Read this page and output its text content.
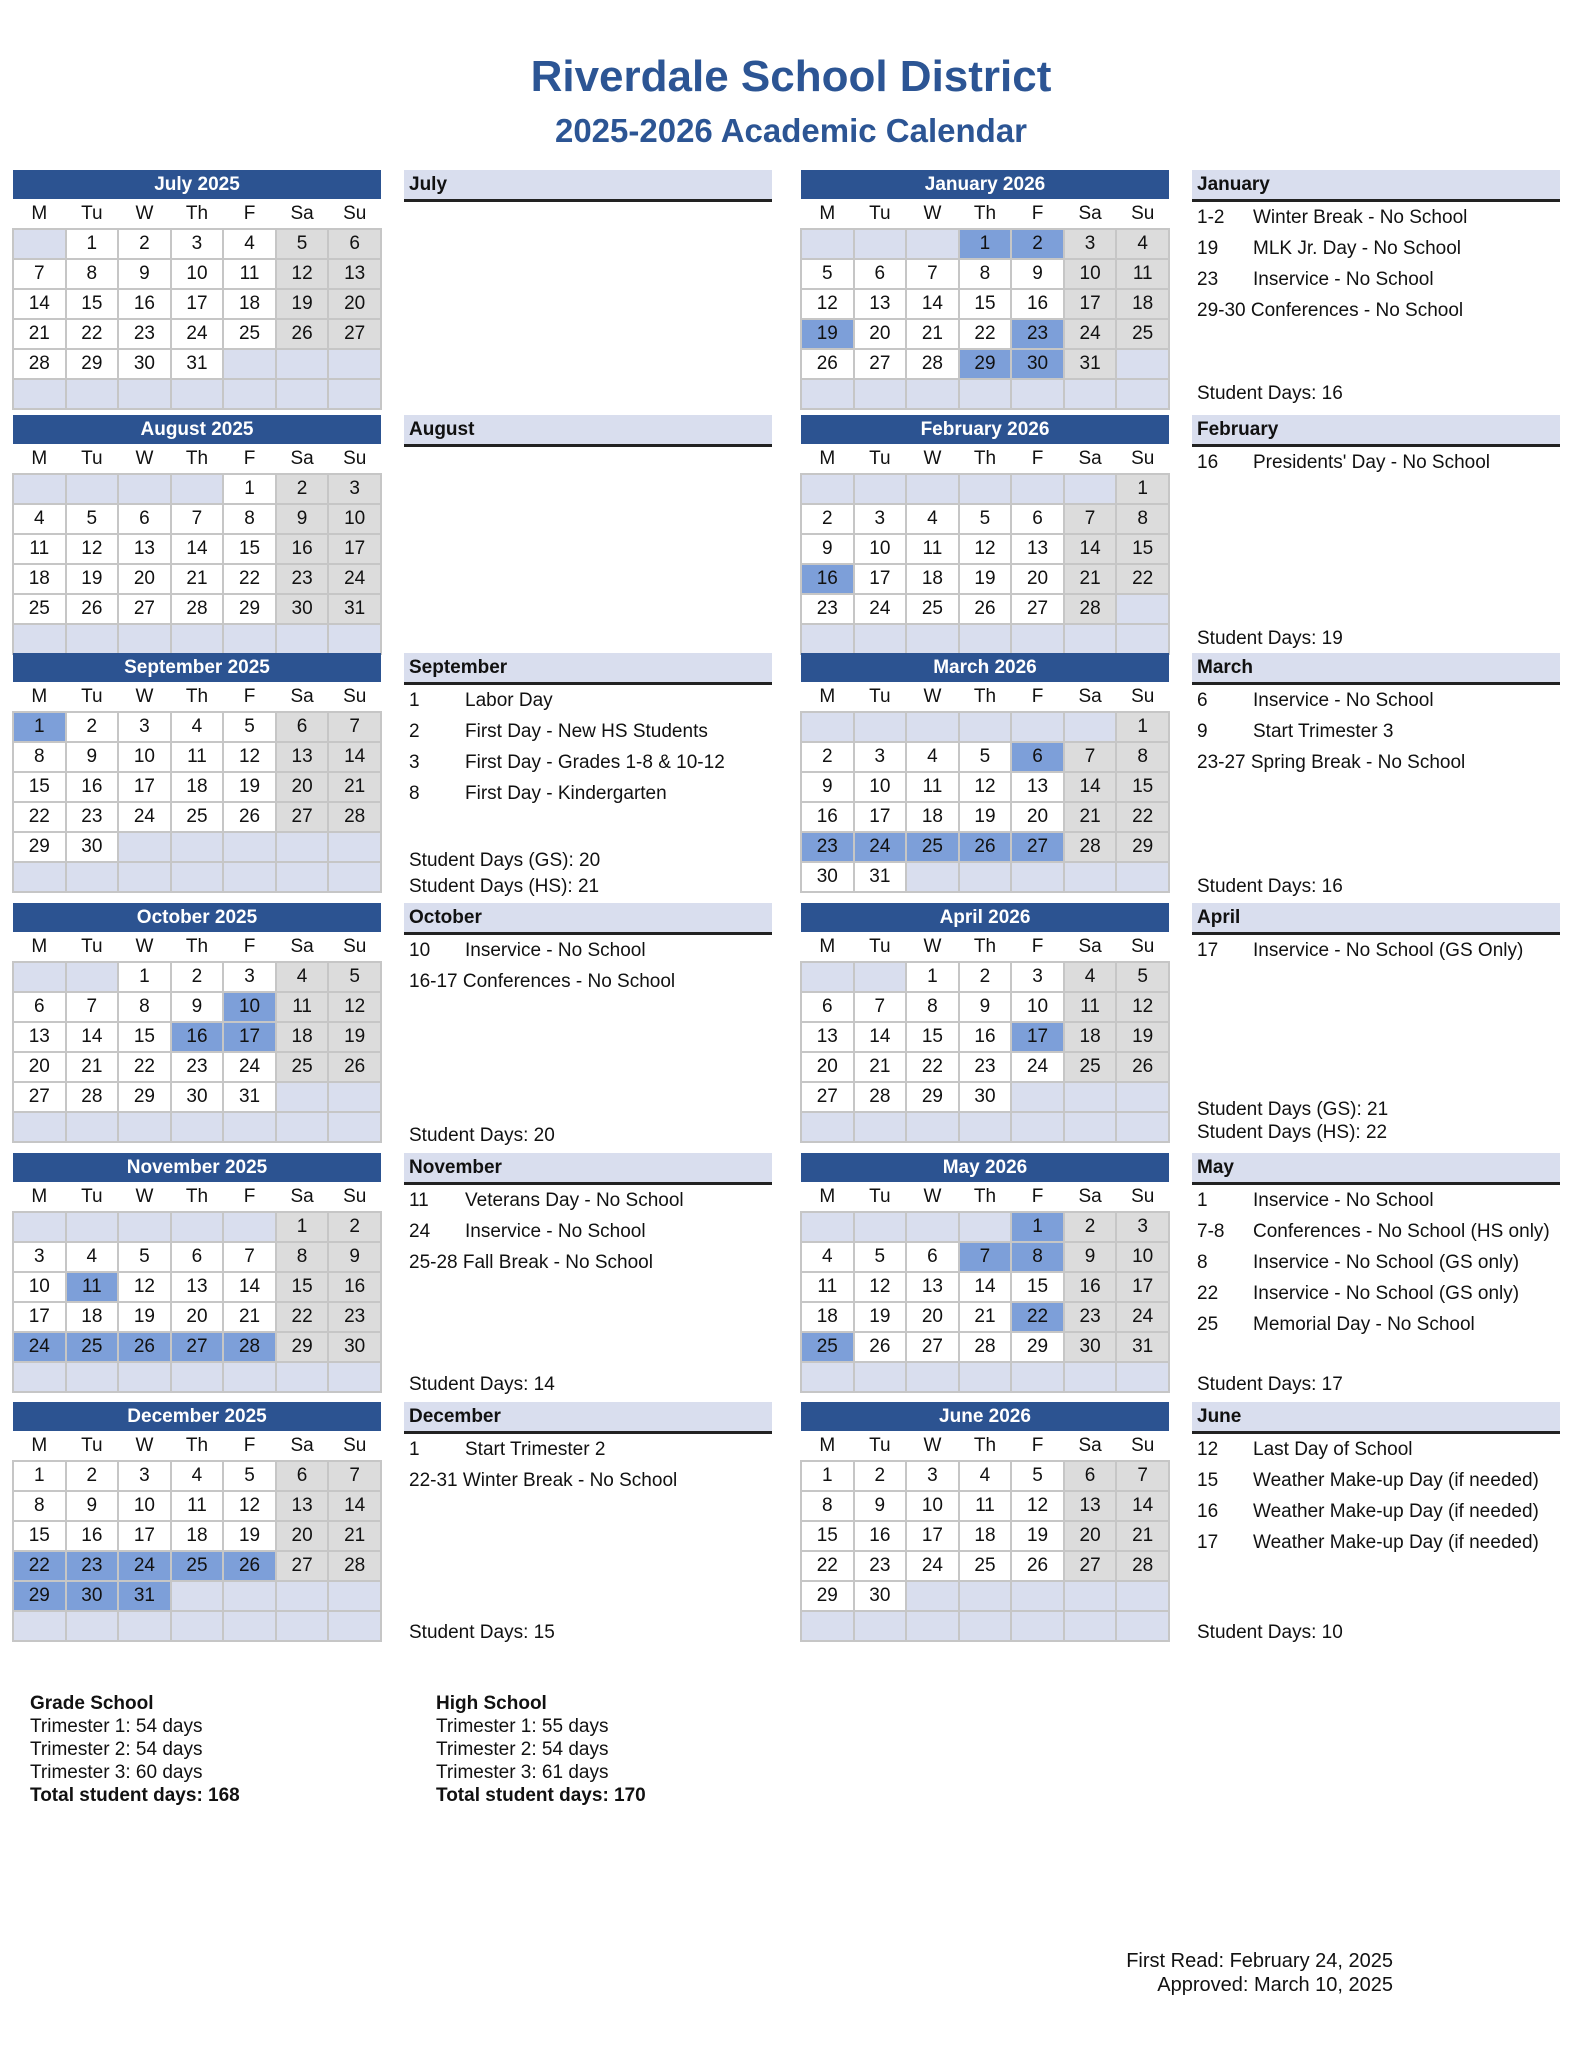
Riverdale School District
2025-2026 Academic Calendar
July 2025						
M	Tu	W	Th	F	Sa	Su
	1	2	3	4	5	6
7	8	9	10	11	12	13
14	15	16	17	18	19	20
21	22	23	24	25	26	27
28	29	30	31			

July
August 2025						
M	Tu	W	Th	F	Sa	Su
				1	2	3
4	5	6	7	8	9	10
11	12	13	14	15	16	17
18	19	20	21	22	23	24
25	26	27	28	29	30	31

August
September 2025						
M	Tu	W	Th	F	Sa	Su
1	2	3	4	5	6	7
8	9	10	11	12	13	14
15	16	17	18	19	20	21
22	23	24	25	26	27	28
29	30					

September
1 Labor Day
2 First Day - New HS Students
3 First Day - Grades 1-8 & 10-12
8 First Day - Kindergarten
Student Days (GS): 20
Student Days (HS): 21
October 2025						
M	Tu	W	Th	F	Sa	Su
		1	2	3	4	5
6	7	8	9	10	11	12
13	14	15	16	17	18	19
20	21	22	23	24	25	26
27	28	29	30	31		

October
10 Inservice - No School
16-17 Conferences - No School
Student Days: 20
November 2025						
M	Tu	W	Th	F	Sa	Su
					1	2
3	4	5	6	7	8	9
10	11	12	13	14	15	16
17	18	19	20	21	22	23
24	25	26	27	28	29	30

November
11 Veterans Day - No School
24 Inservice - No School
25-28 Fall Break - No School
Student Days: 14
December 2025						
M	Tu	W	Th	F	Sa	Su
1	2	3	4	5	6	7
8	9	10	11	12	13	14
15	16	17	18	19	20	21
22	23	24	25	26	27	28
29	30	31				

December
1 Start Trimester 2
22-31 Winter Break - No School
Student Days: 15
January 2026						
M	Tu	W	Th	F	Sa	Su
			1	2	3	4
5	6	7	8	9	10	11
12	13	14	15	16	17	18
19	20	21	22	23	24	25
26	27	28	29	30	31	

January
1-2 Winter Break - No School
19 MLK Jr. Day - No School
23 Inservice - No School
29-30 Conferences - No School
Student Days: 16
February 2026						
M	Tu	W	Th	F	Sa	Su
						1
2	3	4	5	6	7	8
9	10	11	12	13	14	15
16	17	18	19	20	21	22
23	24	25	26	27	28	

February
16 Presidents' Day - No School
Student Days: 19
March 2026						
M	Tu	W	Th	F	Sa	Su
						1
2	3	4	5	6	7	8
9	10	11	12	13	14	15
16	17	18	19	20	21	22
23	24	25	26	27	28	29
30	31					
March
6 Inservice - No School
9 Start Trimester 3
23-27 Spring Break - No School
Student Days: 16
April 2026						
M	Tu	W	Th	F	Sa	Su
		1	2	3	4	5
6	7	8	9	10	11	12
13	14	15	16	17	18	19
20	21	22	23	24	25	26
27	28	29	30			

April
17 Inservice - No School (GS Only)
Student Days (GS): 21
Student Days (HS): 22
May 2026						
M	Tu	W	Th	F	Sa	Su
				1	2	3
4	5	6	7	8	9	10
11	12	13	14	15	16	17
18	19	20	21	22	23	24
25	26	27	28	29	30	31

May
1 Inservice - No School
7-8 Conferences - No School (HS only)
8 Inservice - No School (GS only)
22 Inservice - No School (GS only)
25 Memorial Day - No School
Student Days: 17
June 2026						
M	Tu	W	Th	F	Sa	Su
1	2	3	4	5	6	7
8	9	10	11	12	13	14
15	16	17	18	19	20	21
22	23	24	25	26	27	28
29	30					

June
12 Last Day of School
15 Weather Make-up Day (if needed)
16 Weather Make-up Day (if needed)
17 Weather Make-up Day (if needed)
Student Days: 10
Grade School
Trimester 1: 54 days
Trimester 2: 54 days
Trimester 3: 60 days
Total student days: 168
High School
Trimester 1: 55 days
Trimester 2: 54 days
Trimester 3: 61 days
Total student days: 170
First Read: February 24, 2025
Approved: March 10, 2025
